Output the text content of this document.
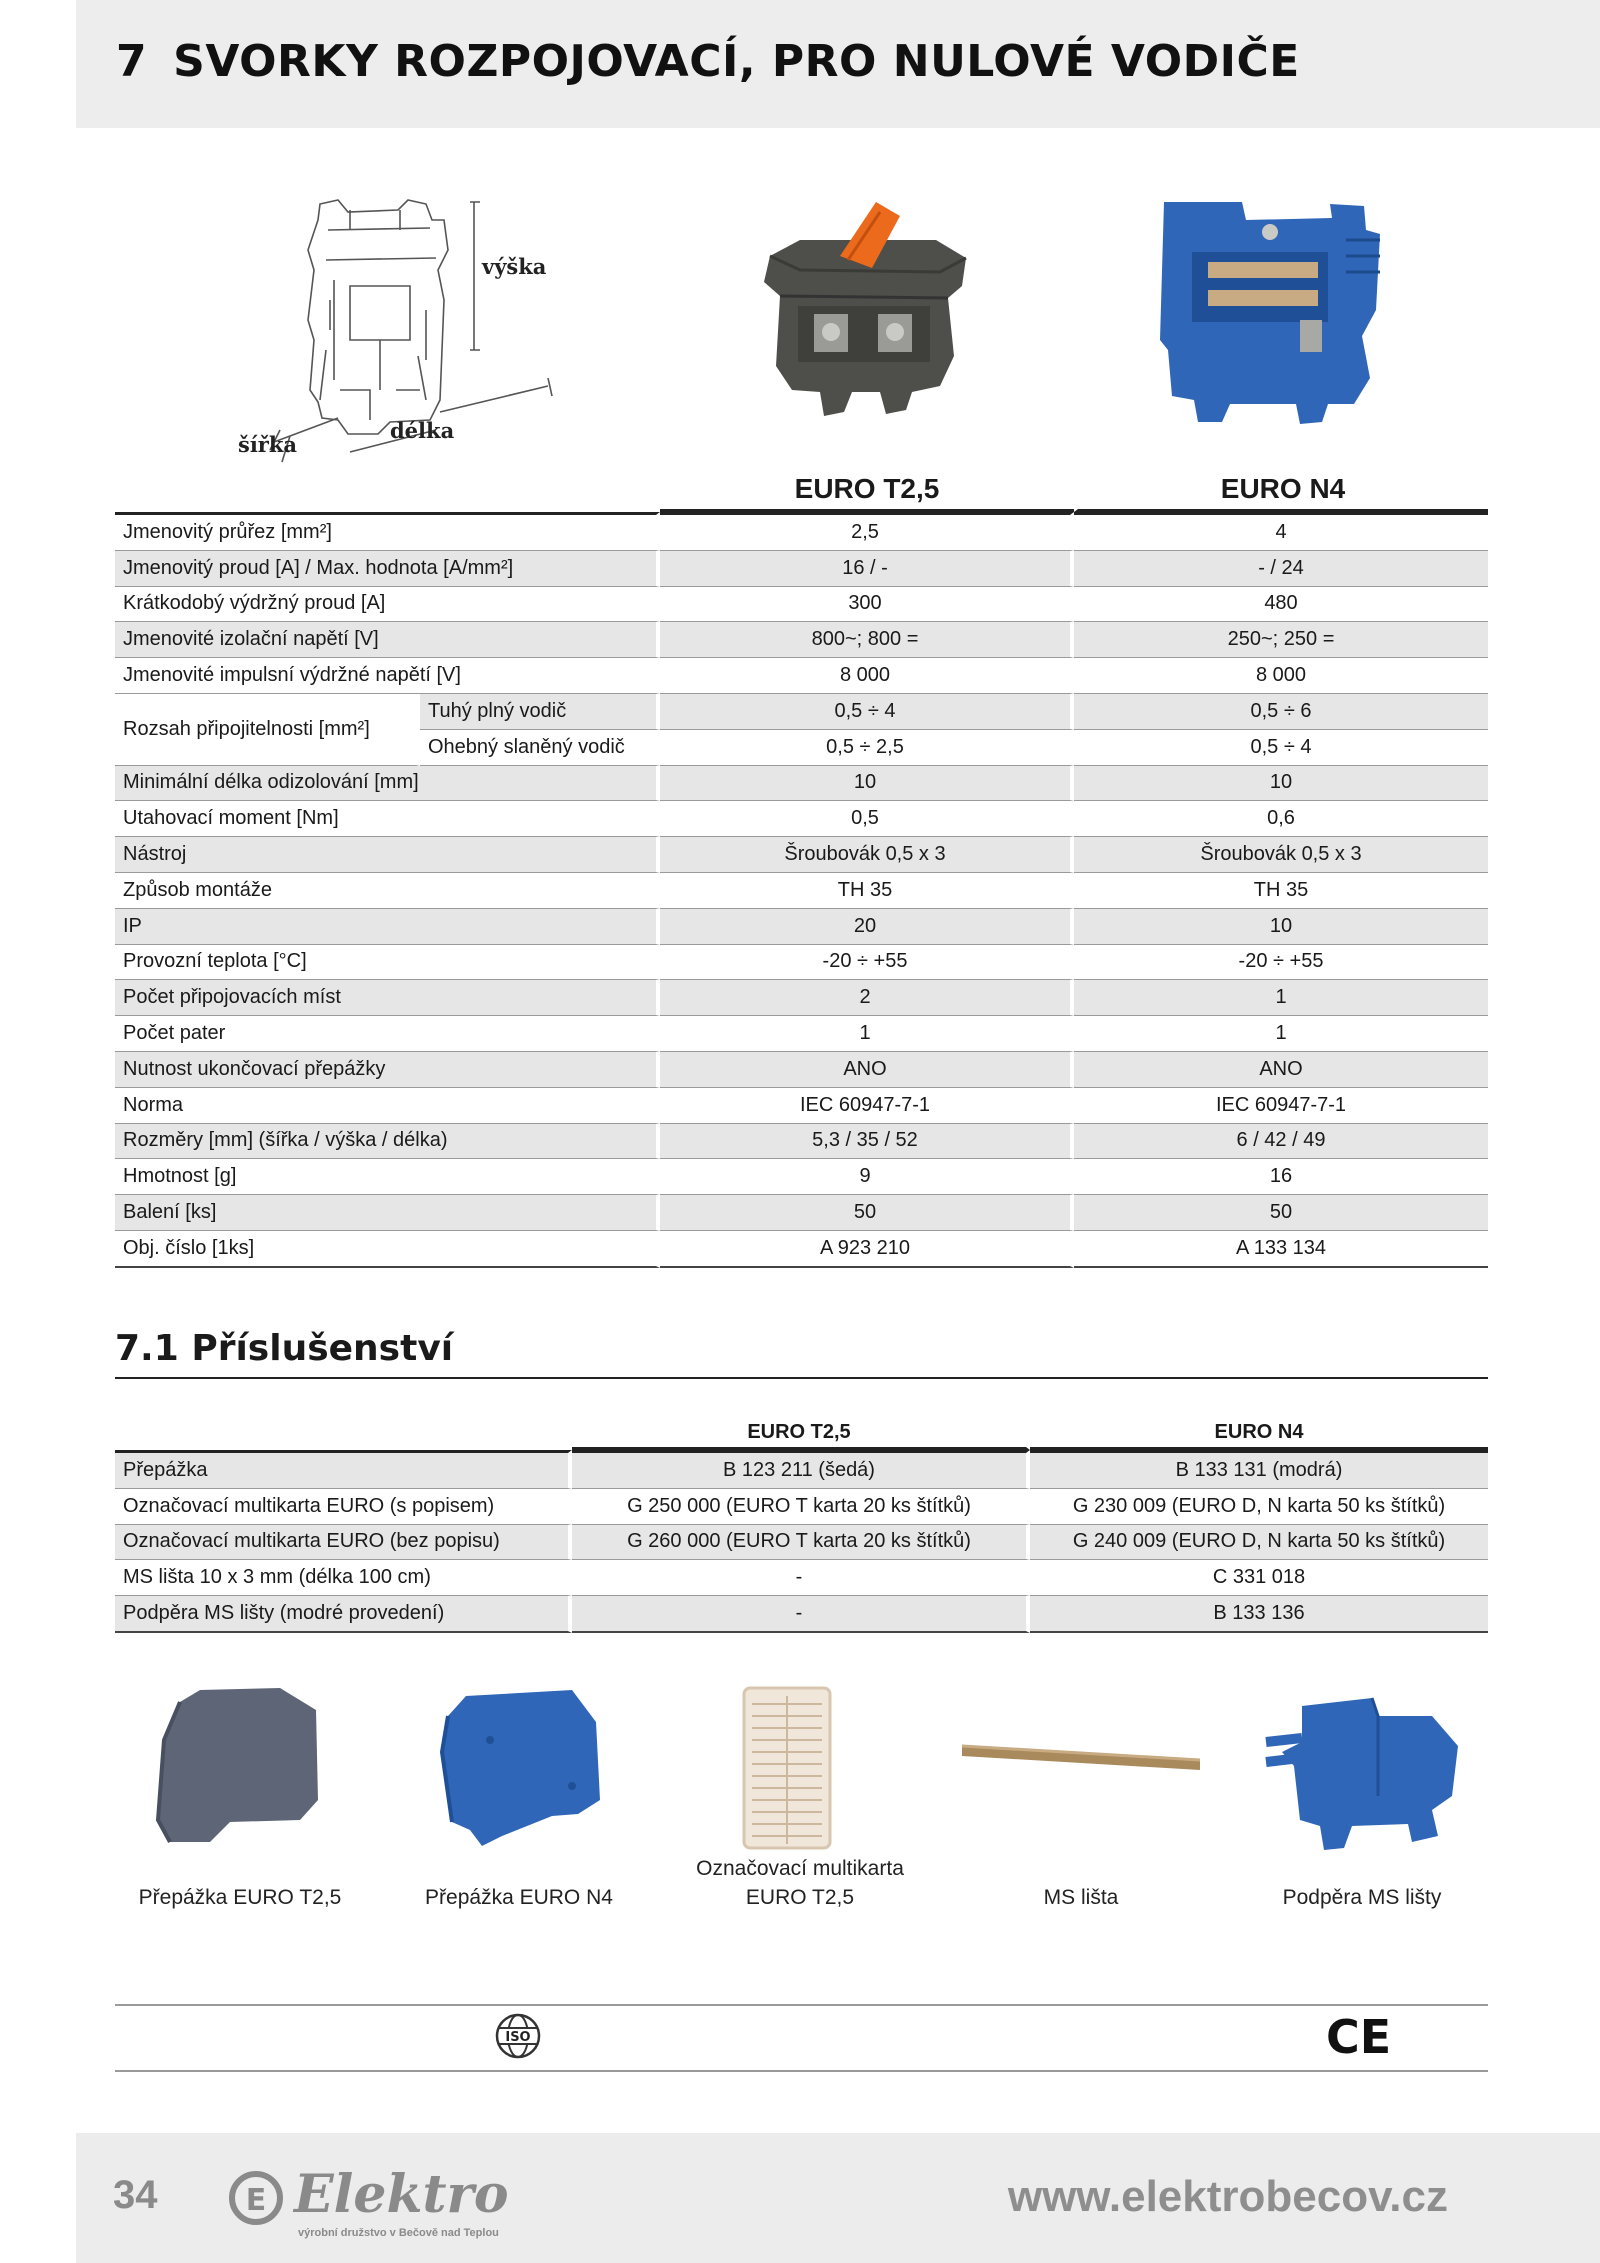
7 SVORKY ROZPOJOVACÍ, PRO NULOVÉ VODIČE
výška
šířka
délka
		EURO T2,5	EURO N4
Jmenovitý průřez [mm²]		2,5	4
Jmenovitý proud [A] / Max. hodnota [A/mm²]		16 / -	- / 24
Krátkodobý výdržný proud [A]		300	480
Jmenovité izolační napětí [V]		800~; 800 =	250~; 250 =
Jmenovité impulsní výdržné napětí [V]		8 000	8 000
Rozsah připojitelnosti [mm²]	Tuhý plný vodič	0,5 ÷ 4	0,5 ÷ 6
	Ohebný slaněný vodič	0,5 ÷ 2,5	0,5 ÷ 4
Minimální délka odizolování [mm]		10	10
Utahovací moment [Nm]		0,5	0,6
Nástroj		Šroubovák 0,5 x 3	Šroubovák 0,5 x 3
Způsob montáže		TH 35	TH 35
IP		20	10
Provozní teplota [°C]		-20 ÷ +55	-20 ÷ +55
Počet připojovacích míst		2	1
Počet pater		1	1
Nutnost ukončovací přepážky		ANO	ANO
Norma		IEC 60947-7-1	IEC 60947-7-1
Rozměry [mm] (šířka / výška / délka)		5,3 / 35 / 52	6 / 42 / 49
Hmotnost [g]		9	16
Balení [ks]		50	50
Obj. číslo [1ks]		A 923 210	A 133 134
7.1 Příslušenství
	EURO T2,5	EURO N4
Přepážka	B 123 211 (šedá)	B 133 131 (modrá)
Označovací multikarta EURO (s popisem)	G 250 000 (EURO T karta 20 ks štítků)	G 230 009 (EURO D, N karta 50 ks štítků)
Označovací multikarta EURO (bez popisu)	G 260 000 (EURO T karta 20 ks štítků)	G 240 009 (EURO D, N karta 50 ks štítků)
MS lišta 10 x 3 mm (délka 100 cm)	-	C 331 018
Podpěra MS lišty (modré provedení)	-	B 133 136
Přepážka EURO T2,5	Přepážka EURO N4
Označovací multikarta
EURO T2,5	MS lišta	Podpěra MS lišty
ISO	CE
34	E Elektro
výrobní družstvo v Bečově nad Teplou
www.elektrobecov.cz
